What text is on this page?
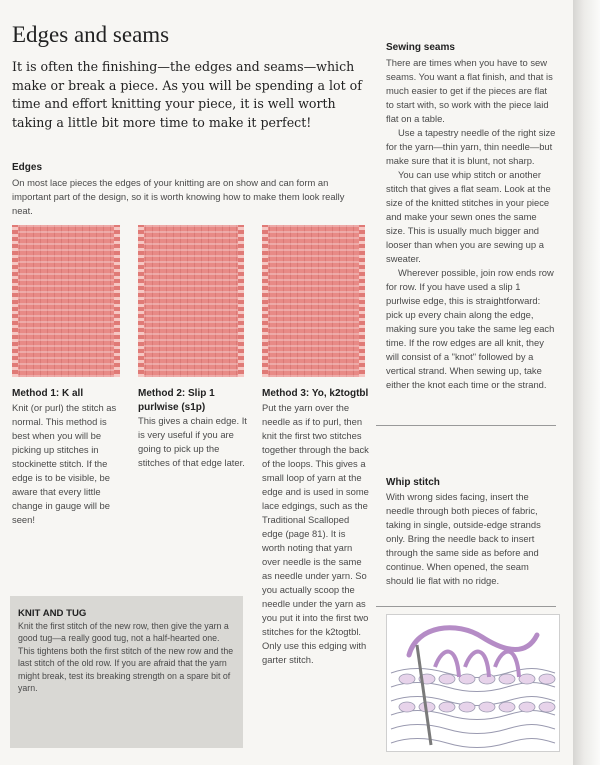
Edges and seams
It is often the finishing—the edges and seams—which make or break a piece. As you will be spending a lot of time and effort knitting your piece, it is well worth taking a little bit more time to make it perfect!
Edges
On most lace pieces the edges of your knitting are on show and can form an important part of the design, so it is worth knowing how to make them look really neat.
Method 1: K all
Knit (or purl) the stitch as normal. This method is best when you will be picking up stitches in stockinette stitch. If the edge is to be visible, be aware that every little change in gauge will be seen!
Method 2: Slip 1 purlwise (s1p)
This gives a chain edge. It is very useful if you are going to pick up the stitches of that edge later.
Method 3: Yo, k2togtbl
Put the yarn over the needle as if to purl, then knit the first two stitches together through the back of the loops. This gives a small loop of yarn at the edge and is used in some lace edgings, such as the Traditional Scalloped edge (page 81). It is worth noting that yarn over needle is the same as needle under yarn. So you actually scoop the needle under the yarn as you put it into the first two stitches for the k2togtbl. Only use this edging with garter stitch.
KNIT AND TUG
Knit the first stitch of the new row, then give the yarn a good tug—a really good tug, not a half-hearted one. This tightens both the first stitch of the new row and the last stitch of the old row. If you are afraid that the yarn might break, test its breaking strength on a spare bit of yarn.
Sewing seams

There are times when you have to sew seams. You want a flat finish, and that is much easier to get if the pieces are flat to start with, so work with the piece laid flat on a table.

Use a tapestry needle of the right size for the yarn—thin yarn, thin needle—but make sure that it is blunt, not sharp.

You can use whip stitch or another stitch that gives a flat seam. Look at the size of the knitted stitches in your piece and make your sewn ones the same size. This is usually much bigger and looser than when you are sewing up a sweater.

Wherever possible, join row ends row for row. If you have used a slip 1 purlwise edge, this is straightforward: pick up every chain along the edge, making sure you take the same leg each time. If the row edges are all knit, they will consist of a "knot" followed by a vertical strand. When sewing up, take either the knot each time or the strand.

Whip stitch
With wrong sides facing, insert the needle through both pieces of fabric, taking in single, outside-edge strands only. Bring the needle back to insert through the same side as before and continue. When opened, the seam should lie flat with no ridge.
